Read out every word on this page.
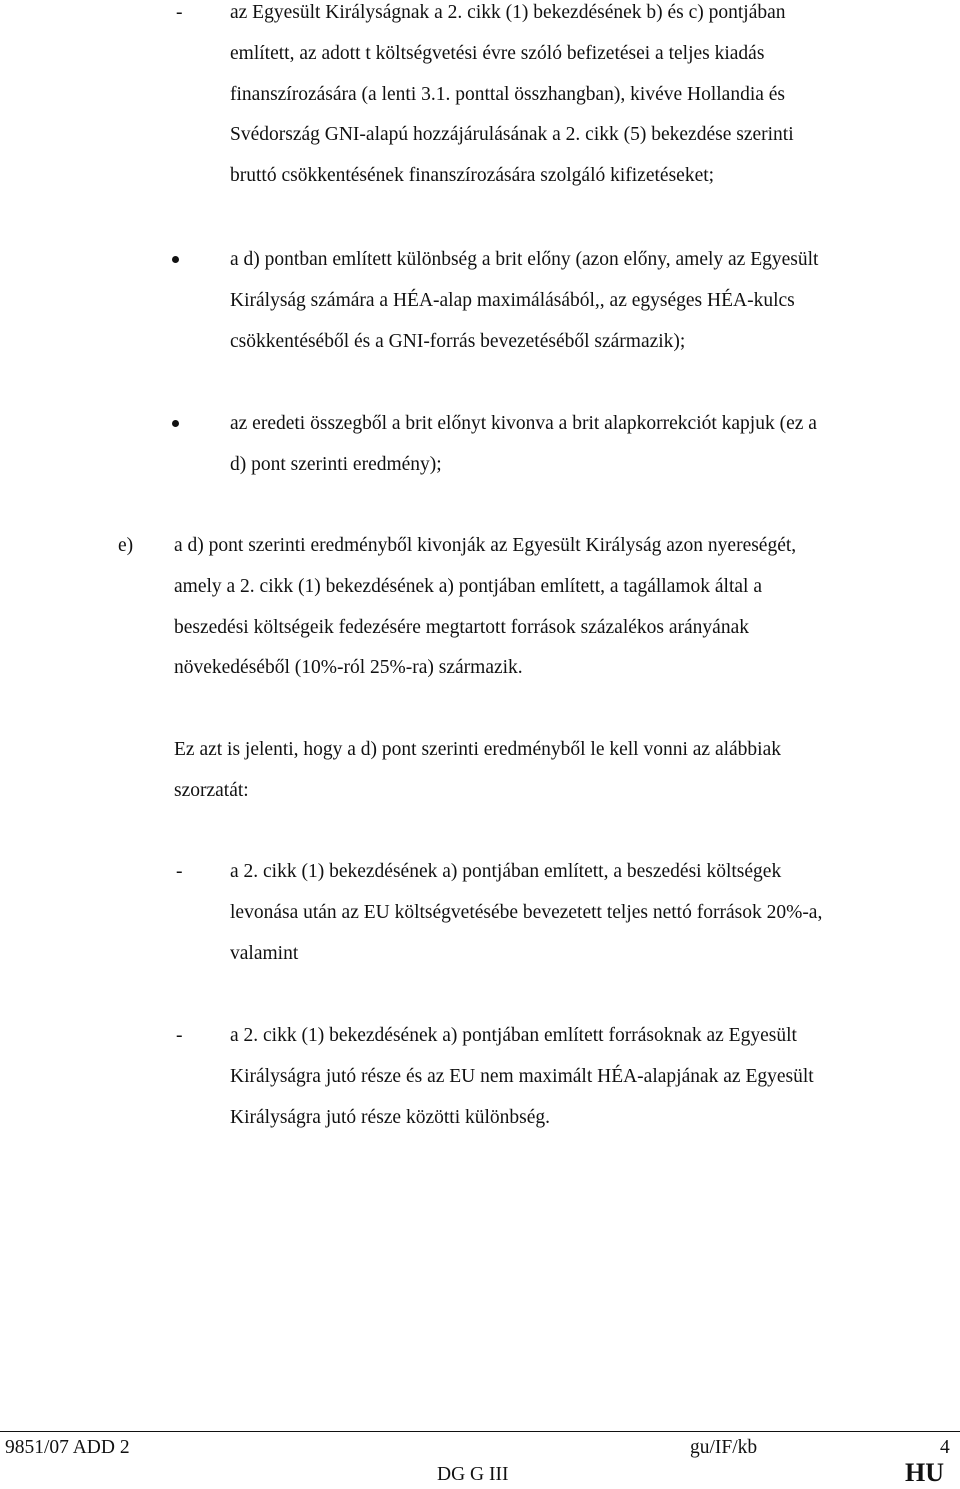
- az Egyesült Királyságnak a 2. cikk (1) bekezdésének b) és c) pontjában
említett, az adott t költségvetési évre szóló befizetései a teljes kiadás
finanszírozására (a lenti 3.1. ponttal összhangban), kivéve Hollandia és
Svédország GNI-alapú hozzájárulásának a 2. cikk (5) bekezdése szerinti
bruttó csökkentésének finanszírozására szolgáló kifizetéseket;
a d) pontban említett különbség a brit előny (azon előny, amely az Egyesült
Királyság számára a HÉA-alap maximálásából,, az egységes HÉA-kulcs
csökkentéséből és a GNI-forrás bevezetéséből származik);
az eredeti összegből a brit előnyt kivonva a brit alapkorrekciót kapjuk (ez a
d) pont szerinti eredmény);
e) a d) pont szerinti eredményből kivonják az Egyesült Királyság azon nyereségét,
amely a 2. cikk (1) bekezdésének a) pontjában említett, a tagállamok által a
beszedési költségeik fedezésére megtartott források százalékos arányának
növekedéséből (10%-ról 25%-ra) származik.
Ez azt is jelenti, hogy a d) pont szerinti eredményből le kell vonni az alábbiak
szorzatát:
- a 2. cikk (1) bekezdésének a) pontjában említett, a beszedési költségek
levonása után az EU költségvetésébe bevezetett teljes nettó források 20%-a,
valamint
- a 2. cikk (1) bekezdésének a) pontjában említett forrásoknak az Egyesült
Királyságra jutó része és az EU nem maximált HÉA-alapjának az Egyesült
Királyságra jutó része közötti különbség.
9851/07 ADD 2	gu/IF/kb	4
DG G III	HU
